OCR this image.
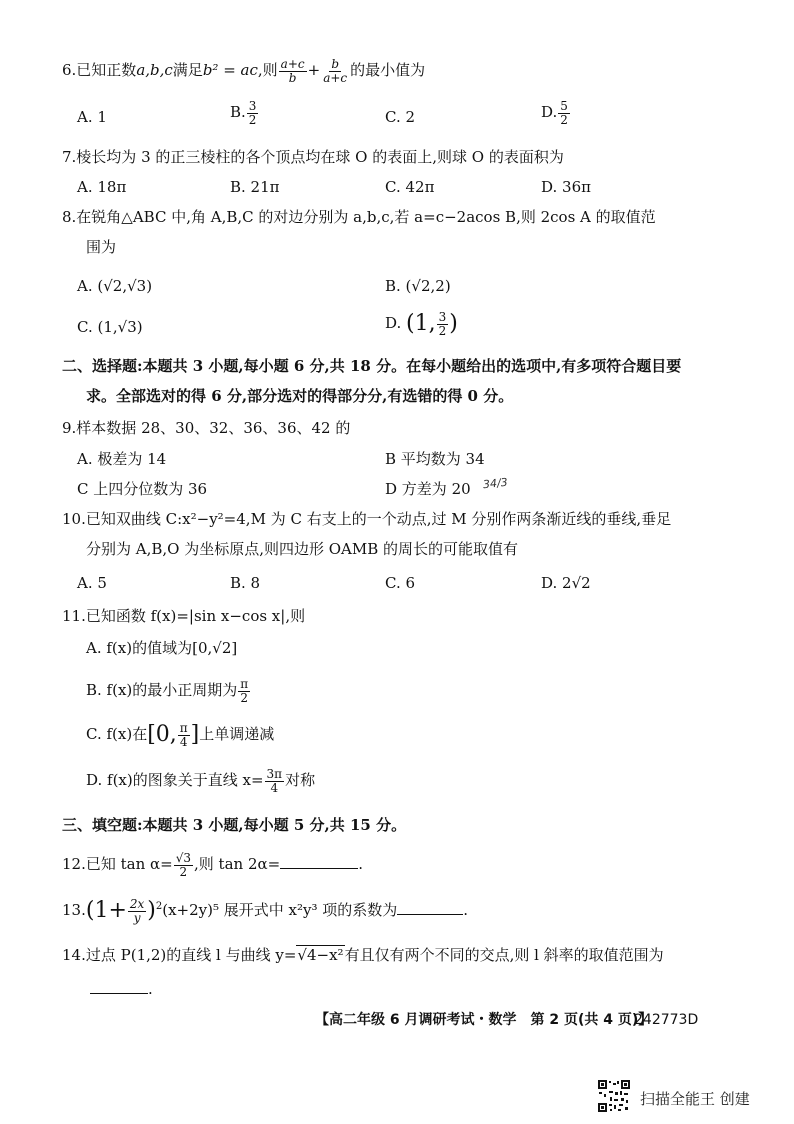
6.已知正数a,b,c满足b² = ac,则 $\frac{a+c}{b} + \frac{b}{a+c}$ 的最小值为
A. 1	B. $\frac{3}{2}$	C. 2	D. $\frac{5}{2}$
7.棱长均为 3 的正三棱柱的各个顶点均在球 O 的表面上,则球 O 的表面积为
A. 18π	B. 21π	C. 42π	D. 36π
8.在锐角△ABC 中,角 A,B,C 的对边分别为 a,b,c,若 a=c−2acos B,则 2cos A 的取值范
围为
A. (√2,√3)	B. (√2,2)
C. (1,√3)	D. (1, $\frac{3}{2}$ )
二、选择题:本题共 3 小题,每小题 6 分,共 18 分。在每小题给出的选项中,有多项符合题目要
求。全部选对的得 6 分,部分选对的得部分分,有选错的得 0 分。
9.样本数据 28、30、32、36、36、42 的
A. 极差为 14	B 平均数为 34
C 上四分位数为 36	D 方差为 20 34/3
10.已知双曲线 C:x²−y²=4,M 为 C 右支上的一个动点,过 M 分别作两条渐近线的垂线,垂足
分别为 A,B,O 为坐标原点,则四边形 OAMB 的周长的可能取值有
A. 5	B. 8	C. 6	D. 2√2
11.已知函数 f(x)=|sin x−cos x|,则
A. f(x)的值域为[0,√2]
B. f(x)的最小正周期为 $\frac{\pi}{2}$
C. f(x)在[0, $\frac{\pi}{4}$ ]上单调递减
D. f(x)的图象关于直线 $x= \frac{3\pi}{4}$ 对称
三、填空题:本题共 3 小题,每小题 5 分,共 15 分。
12.已知 $\tan \alpha= \frac{√3}{2}$ ,则 tan 2α=	.
$13.(1+ \frac{2x}{y} )^2(x+2y)^5$ 展开式中 x²y³ 项的系数为	.
14.过点 P(1,2)的直线 l 与曲线 y=√4−x²有且仅有两个不同的交点,则 l 斜率的取值范围为
.
【高二年级 6 月调研考试・数学　第 2 页(共 4 页)】
242773D
扫描全能王 创建
